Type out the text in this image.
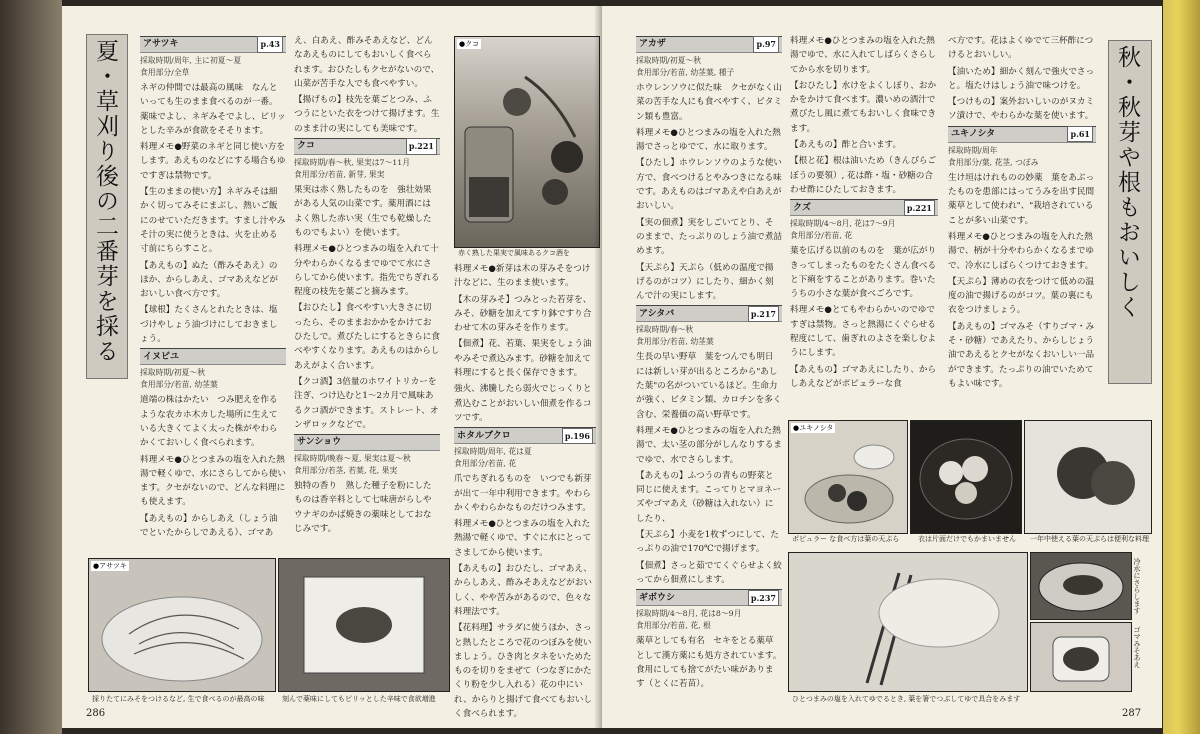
夏・草刈り後の二番芽を採る	アサツキ	p.43
採取時期/周年, 主に初夏〜夏
食用部分/全草

ネギの仲間では最高の風味　なんといっても生のまま食べるのが一番。薬味でよし、ネギみそでよし、ピリッとした辛みが食欲をそそります。

料理メモ●野菜のネギと同じ使い方をします。あえものなどにする場合もゆですぎは禁物です。

【生のままの使い方】ネギみそは細かく切ってみそにまぶし、熱いご飯にのせていただきます。すまし汁やみそ汁の実に使うときは、火を止める寸前にちらすこと。

【あえもの】ぬた（酢みそあえ）のほか、からしあえ、ゴマあえなどがおいしい食べ方です。

【球根】たくさんとれたときは、塩づけやしょう油づけにしておきましょう。

イヌビユ
採取時期/初夏〜秋
食用部分/若苗, 幼茎葉

道端の株はかたい　つみ肥えを作るような农カホ木カした場所に生えている大きくてよく太った株がやわらかくておいしく食べられます。

料理メモ●ひとつまみの塩を入れた熱湯で軽くゆで、水にさらしてから使います。クセがないので、どんな料理にも使えます。

【あえもの】からしあえ（しょう油でといたからしであえる）、ゴマあ

え、白あえ、酢みそあえなど、どんなあえものにしてもおいしく食べられます。おひたしもクセがないので、山菜が苦手な人でも食べやすい。

【揚げもの】枝先を葉ごとつみ、ふつうにといた衣をつけて揚げます。生のまま汁の実にしても美味です。

クコ	p.221
採取時期/春〜秋, 果実は7〜11月
食用部分/若苗, 新芽, 果実

果実は赤く熟したものを　強壮効果がある人気の山菜です。薬用酒には よく熟した赤い実（生でも乾燥したものでもよい）を使います。

料理メモ●ひとつまみの塩を入れて十分やわらかくなるまでゆでて水にさらしてから使います。指先でちぎれる程度の枝先を葉ごと摘みます。

【おひたし】食べやすい大きさに切ったら、そのままおかかをかけておひたしで。煮びたしにするときらに食べやすくなります。あえものはからしあえがよく合います。

【クコ酒】3倍量のホワイトリカーを注ぎ、つけ込むと1〜2カ月で風味あるクコ酒ができます。ストレート、オンザロックなどで。

サンショウ
採取時期/晩春〜夏, 果実は夏〜秋
食用部分/若茎, 若葉, 花, 果実

独特の香り　熟した種子を粉にしたものは香辛料として七味唐がらしやウナギのかば焼きの薬味としておなじみです。

●クコ
赤く熟した果実で風味あるクコ酒を

料理メモ●新芽は木の芽みそをつけ汁などに、生のまま使います。

【木の芽みそ】つみとった若芽を、みそ、砂糖を加えてすり鉢ですり合わせて木の芽みそを作ります。

【佃煮】花、若葉、果実をしょう油やみそで煮込みます。砂糖を加えて料理にすると長く保存できます。

強火、沸騰したら弱火でじっくりと煮込むことがおいしい佃煮を作るコツです。

ホタルブクロ	p.196
採取時期/周年, 花は夏
食用部分/若苗, 花

爪でちぎれるものを　いつでも新芽が出て一年中利用できます。やわらかくやわらかなものだけつみます。

料理メモ●ひとつまみの塩を入れた熱湯で軽くゆで、すぐに水にとってさましてから使います。

【あえもの】おひたし、ゴマあえ、からしあえ、酢みそあえなどがおいしく、やや苦みがあるので、色々な料理法です。

【花料理】サラダに使うほか、さっと熱したところで花のつぼみを使いましょう。ひき肉とタネをいためたものを切りをまぜて（つなぎにかたくり粉を少し入れる）花の中にいれ、からりと揚げて食べてもおいしく食べられます。

●アサツキ
採りたてにみそをつけるなど, 生で食べるのが最高の味	刻んで薬味にしてもピリッとした辛味で食欲増進
286
アカザ	p.97
採取時期/初夏〜秋
食用部分/若苗, 幼茎葉, 種子

ホウレンソウに似た味　クセがなく山菜の苦手な人にも食べやすく、ビタミン類も豊富。

料理メモ●ひとつまみの塩を入れた熱湯でさっとゆでて、水に取ります。

【ひたし】ホウレンソウのような使い方で、食べつけるとやみつきになる味です。あえものはゴマあえや白あえがおいしい。

【実の佃煮】実をしごいてとり、そのままで、たっぷりのしょう油で煮詰めます。

【天ぷら】天ぷら（低めの温度で揚げるのがコツ）にしたり、細かく刻んで汁の実にします。

アシタバ	p.217
採取時期/春〜秋
食用部分/若苗, 幼茎葉

生長の早い野草　葉をつんでも明日には新しい芽が出るところから"あした葉"の名がついているほど。生命力が強く、ビタミン類、カロチンを多く含む、栄養価の高い野草です。

料理メモ●ひとつまみの塩を入れた熱湯で、太い茎の部分がしんなりするまでゆで、水でさらします。

【あえもの】ふつうの青もの野菜と同じに使えます。こってりとマヨネーズやゴマあえ（砂糖は入れない）にしたり、

【天ぷら】小麦を1枚ずつにして、たっぷりの油で170℃で揚げます。

【佃煮】さっと茹でてくぐらせよく絞ってから佃煮にします。

ギボウシ	p.237
採取時期/4〜8月, 花は8〜9月
食用部分/若苗, 花, 根

薬草としても有名　セキをとる薬草として漢方薬にも処方されています。食用にしても捨てがたい味があります（とくに若苗）。

料理メモ●ひとつまみの塩を入れた熱湯でゆで、水に入れてしばらくさらしてから水を切ります。

【おひたし】水けをよくしぼり、おかかをかけて食べます。濃いめの酒汁で煮びたし風に煮てもおいしく食味できます。

【あえもの】酢と合います。

【根と花】根は油いため（きんぴらごぼうの要領）, 花は酢・塩・砂糖の合わせ酢にひたしておきます。

クズ	p.221
採取時期/4〜8月, 花は7〜9月
食用部分/若苗, 花

葉を広げる以前のものを　葉が広がりきってしまったものをたくさん食べると下痢をすることがあります。巻いたうちの小さな葉が食べごろです。

料理メモ●とてもやわらかいのでゆですぎは禁物。さっと熱湯にくぐらせる程度にして、歯ぎれのよさを楽しむようにします。

【あえもの】ゴマあえにしたり、からしあえなどがポピュラーな食

べ方です。花はよくゆでて三杯酢につけるとおいしい。

【油いため】細かく刻んで強火でさっと。塩たけはしょう油で味つけを。

【つけもの】案外おいしいのがヌカミソ漬けで、やわらかな葉を使います。

ユキノシタ	p.61
採取時期/周年
食用部分/葉, 花茎, つぼみ

生け垣はけれものの妙薬　葉をあぶったものを患部にはってうみを出す民間薬草として使われ"、"栽培されていることが多い山菜です。

料理メモ●ひとつまみの塩を入れた熱湯で、柄が十分やわらかくなるまでゆで、冷水にしばらくつけておきます。

【天ぷら】薄めの衣をつけて低めの温度の油で揚げるのがコツ。葉の裏にも衣をつけましょう。

【あえもの】ゴマみそ（すりゴマ・みそ・砂糖）であえたり、からしじょう油であえるとクセがなくおいしい一品ができます。たっぷりの油でいためてもよい味です。

秋・秋芽や根もおいしく
●ユキノシタ
ポピュラー な食べ方は葉の天ぷら	衣は片面だけでもかまいません 一年中使える葉の天ぷらは便利な料理
冷水にさらします
ゴマみそあえ
ひとつまみの塩を入れてゆでるとき, 葉を箸でつぶしてゆで具合をみます
287
